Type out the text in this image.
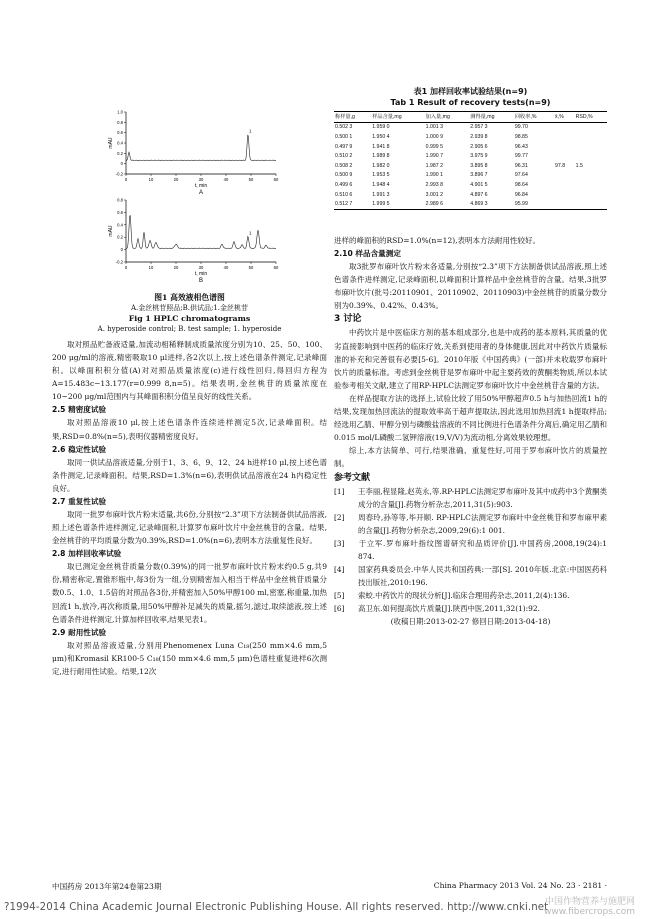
1.0
0.8
0.6
0.4
0.2
0
-0.2
0	10	20	30	40	50	60
mAU
t, min
A
1
0.8
0.6
0.4
0.2
0
-0.2
0	10	20	30	40	50	60
mAU
t, min
B
1

图1 高效液相色谱图

A.金丝桃苷照品;B.供试品;1.金丝桃苷

Fig 1 HPLC chromatograms

A. hyperoside control; B. test sample; 1. hyperoside

取对照品贮备液适量,加流动相稀释制成质量浓度分别为10、25、50、100、200 μg/ml的溶液,精密吸取10 μl进样,各2次以上,按上述色谱条件测定,记录峰面积。以峰面积积分值(A)对对照品质量浓度(c)进行线性回归,得回归方程为A=15.483c−13.177(r=0.999 8,n=5)。结果表明,金丝桃苷的质量浓度在10~200 μg/ml范围内与其峰面积积分值呈良好的线性关系。

2.5 精密度试验

取对照品溶液10 μl,按上述色谱条件连续进样测定5次,记录峰面积。结果,RSD=0.8%(n=5),表明仪器精密度良好。

2.6 稳定性试验

取同一供试品溶液适量,分别于1、3、6、9、12、24 h进样10 μl,按上述色谱条件测定,记录峰面积。结果,RSD=1.3%(n=6),表明供试品溶液在24 h内稳定性良好。

2.7 重复性试验

取同一批罗布麻叶饮片粉末适量,共6份,分别按“2.3”项下方法制备供试品溶液,照上述色谱条件进样测定,记录峰面积,计算罗布麻叶饮片中金丝桃苷的含量。结果,金丝桃苷的平均质量分数为0.39%,RSD=1.0%(n=6),表明本方法重复性良好。

2.8 加样回收率试验

取已测定金丝桃苷质量分数(0.39%)的同一批罗布麻叶饮片粉末约0.5 g,共9份,精密称定,置锥形瓶中,每3份为一组,分别精密加入相当于样品中金丝桃苷质量分数0.5、1.0、1.5倍的对照品各3份,并精密加入50%甲醇100 ml,密塞,称重量,加热回流1 h,放冷,再次称质量,用50%甲醇补足减失的质量,摇匀,滤过,取续滤液,按上述色谱条件进样测定,计算加样回收率,结果见表1。

2.9 耐用性试验

取对照品溶液适量,分别用Phenomenex Luna C₁₈(250 mm×4.6 mm,5 μm)和Kromasil KR100-5 C₁₈(150 mm×4.6 mm,5 μm)色谱柱重复进样6次测定,进行耐用性试验。结果,12次

表1 加样回收率试验结果(n=9)

Tab 1 Result of recovery tests(n=9)

称样量,g	样品含量,mg	加入量,mg	测得量,mg	回收率,%	x̄,%	RSD,%
0.502 3	1.959 0	1.001 3	2.957 3	99.70		
0.500 1	1.950 4	1.000 9	2.939 8	98.85		
0.497 9	1.941 8	0.999 5	2.905 6	96.43		
0.510 2	1.989 8	1.990 7	3.975 9	99.77		
0.508 2	1.982 0	1.987 2	3.895 8	96.31	97.8	1.5
0.500 9	1.953 5	1.990 1	3.896 7	97.64		
0.499 6	1.948 4	2.993 8	4.901 5	98.64		
0.510 6	1.991 3	3.001 2	4.897 6	96.84		
0.512 7	1.999 5	2.989 6	4.869 3	95.99		

进样的峰面积的RSD=1.0%(n=12),表明本方法耐用性较好。

2.10 样品含量测定

取3批罗布麻叶饮片粉末各适量,分别按“2.3”项下方法制备供试品溶液,照上述色谱条件进样测定,记录峰面积,以峰面积计算样品中金丝桃苷的含量。结果,3批罗布麻叶饮片(批号:20110901、20110902、20110903)中金丝桃苷的质量分数分别为0.39%、0.42%、0.43%。

3 讨论

中药饮片是中医临床方剂的基本组成部分,也是中成药的基本原料,其质量的优劣直接影响到中医药的临床疗效,关系到使用者的身体健康,因此对中药饮片质量标准的补充和完善很有必要[5-6]。2010年版《中国药典》(一部)并未收载罗布麻叶饮片的质量标准。考虑到金丝桃苷是罗布麻叶中起主要药效的黄酮类物质,所以本试验参考相关文献,建立了用RP-HPLC法测定罗布麻叶饮片中金丝桃苷含量的方法。

在样品提取方法的选择上,试验比较了用50%甲醇超声0.5 h与加热回流1 h的结果,发现加热回流法的提取效率高于超声提取法,因此选用加热回流1 h提取样品;经选用乙腈、甲醇分别与磷酸盐溶液的不同比例进行色谱条件分离后,确定用乙腈和0.015 mol/L磷酸二氢钾溶液(19,V/V)为流动相,分离效果较理想。

综上,本方法简单、可行,结果准确、重复性好,可用于罗布麻叶饮片的质量控制。

参考文献

[1] 王李丽,程显隆,赵英永,等.RP-HPLC法测定罗布麻叶及其中成药中3个黄酮类成分的含量[J].药物分析杂志,2011,31(5):903.
[2] 周春玲,孙等等,毕开顺. RP-HPLC法测定罗布麻叶中金丝桃苷和罗布麻甲素的含量[J].药物分析杂志,2009,29(6):1 001.
[3] 于立军.罗布麻叶指纹图谱研究和品质评价[J].中国药房,2008,19(24):1 874.
[4] 国家药典委员会.中华人民共和国药典:一部[S]. 2010年版.北京:中国医药科技出版社,2010:196.
[5] 索蛟.中药饮片的现状分析[J].临床合理用药杂志,2011,2(4):136.
[6] 高卫东.如何提高饮片质量[J].陕西中医,2011,32(1):92.

(收稿日期:2013-02-27 修回日期:2013-04-18)

中国药房 2013年第24卷第23期	China Pharmacy 2013 Vol. 24 No. 23 · 2181 ·
?1994-2014 China Academic Journal Electronic Publishing House. All rights reserved. http://www.cnki.net
中国作物营养与施肥网
www.fibercrops.com
